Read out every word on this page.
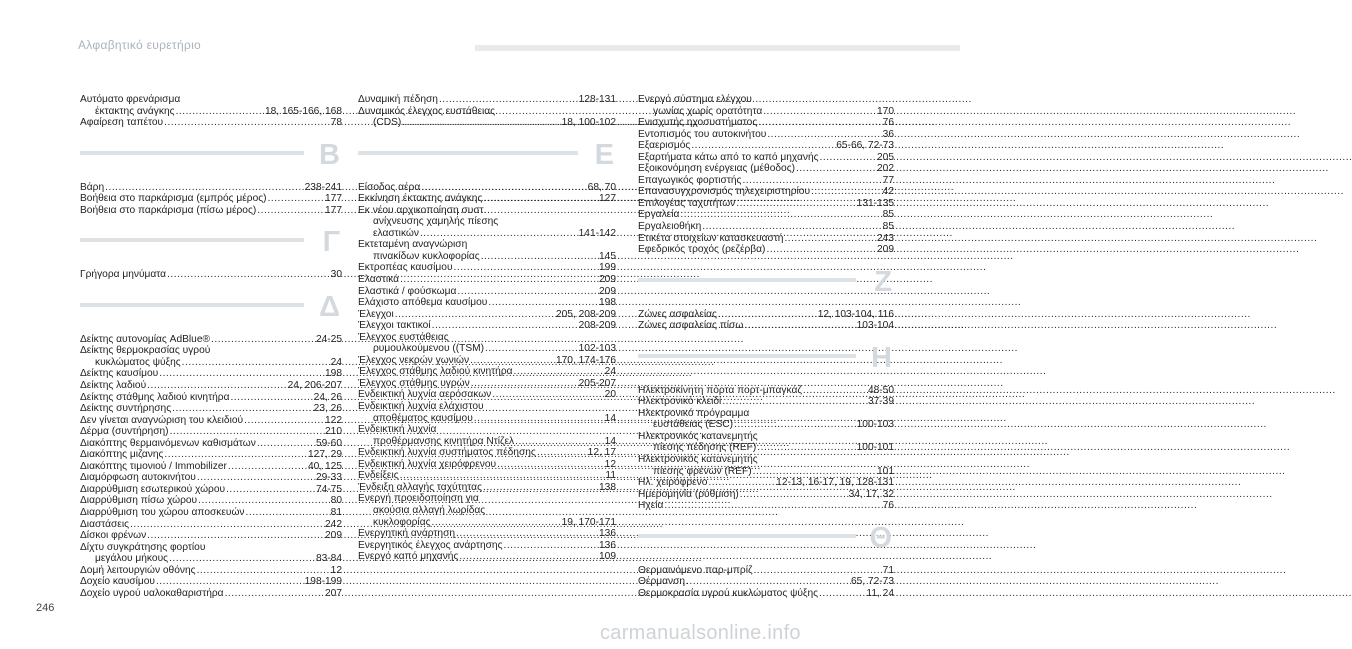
Αλφαβητικό ευρετήριο
Αυτόματο φρενάρισμα
έκτακτης ανάγκης .....	18, 165-166, 168
Αφαίρεση ταπέτου .....	78
Β
Βάρη .....	238-241
Βοήθεια στο παρκάρισμα (εμπρός μέρος) .....	177
Βοήθεια στο παρκάρισμα (πίσω μέρος) .....	177
Γ
Γρήγορα μηνύματα .....	30
Δ
Δείκτης αυτονομίας AdBlue® .....	24-25
Δείκτης θερμοκρασίας υγρού
κυκλώματος ψύξης .....	24
Δείκτης καυσίμου .....	198
Δείκτης λαδιού .....	24, 206-207
Δείκτης στάθμης λαδιού κινητήρα .....	24, 26
Δείκτης συντήρησης .....	23, 26
Δεν γίνεται αναγνώριση του κλειδιού .....	122
Δέρμα (συντήρηση) .....	210
Διακόπτης θερμαινόμενων καθισμάτων .....	59-60
Διακόπτης μιζανης .....	127, 29
Διακόπτης τιμονιού / Immobilizer .....	40, 125
Διαμόρφωση αυτοκινήτου .....	29-33
Διαρρύθμιση εσωτερικού χώρου .....	74-75
Διαρρύθμιση πίσω χώρου .....	80
Διαρρύθμιση του χώρου αποσκευών .....	81
Διαστάσεις .....	242
Δίσκοι φρένων .....	209
Δίχτυ συγκράτησης φορτίου
μεγάλου μήκους .....	83-84
Δομή λειτουργιών οθόνης .....	12
Δοχείο καυσίμου .....	198-199
Δοχείο υγρού υαλοκαθαριστήρα .....	207
Δυναμική πέδηση .....	128-131
Δυναμικός έλεγχος ευστάθειας
(CDS) .....	18, 100-102
Ε
Είσοδος αέρα .....	68, 70
Εκκίνηση έκτακτης ανάγκης .....	127
Εκ νέου αρχικοποίηση συστ.
ανίχνευσης χαμηλής πίεσης
ελαστικών .....	141-142
Εκτεταμένη αναγνώριση
πινακίδων κυκλοφορίας .....	145
Εκτροπέας καυσίμου .....	199
Ελαστικά .....	209
Ελαστικά / φούσκωμα .....	209
Ελάχιστο απόθεμα καυσίμου .....	198
Έλεγχοι .....	205, 208-209
Έλεγχοι τακτικοί .....	208-209
Έλεγχος ευστάθειας
ρυμουλκούμενου ((TSM) .....	102-103
Έλεγχος νεκρών γωνιών .....	170, 174-176
Έλεγχος στάθμης λαδιού κινητήρα .....	24
Έλεγχος στάθμης υγρών .....	205-207
Ενδεικτική λυχνία αερόσακων .....	20
Ενδεικτική λυχνία ελάχιστου
αποθέματος καυσίμου .....	14
Ενδεικτική λυχνία
προθέρμανσης κινητήρα Ντίζελ .....	14
Ενδεικτική λυχνία συστήματος πέδησης .....	12, 17
Ενδεικτική λυχνία χειρόφρενου .....	12
Ενδείξεις .....	11
Ένδειξη αλλαγής ταχύτητας .....	138
Ενεργή προειδοποίηση για
ακούσια αλλαγή λωρίδας
κυκλοφορίας .....	19, 170-171
Ενεργητική ανάρτηση .....	136
Ενεργητικός έλεγχος ανάρτησης .....	136
Ενεργό καπό μηχανής .....	109
Ενεργό σύστημα ελέγχου
γωνίας χωρίς ορατότητα .....	170
Ενισχυτής ηχοσυστήματος .....	76
Εντοπισμός του αυτοκινήτου .....	36
Εξαερισμός .....	65-66, 72-73
Εξαρτήματα κάτω από το καπό μηχανής .....	205
Εξοικονόμηση ενέργειας (μέθοδος) .....	202
Επαγωγικός φορτιστής .....	77
Επανασυγχρονισμός τηλεχειριστηρίου .....	42
Επιλογέας ταχυτήτων .....	131-135
Εργαλεία .....	85
Εργαλειοθήκη .....	85
Ετικέτα στοιχείων κατασκευαστή .....	243
Εφεδρικός τροχός (ρεζέρβα) .....	209
Ζ
Ζώνες ασφαλείας .....	12, 103-104, 116
Ζώνες ασφαλείας πίσω .....	103-104
Η
Ηλεκτροκίνητη πόρτα πορτ-μπαγκάζ .....	48-50
Ηλεκτρονικό κλειδί .....	37-39
Ηλεκτρονικό πρόγραμμα
ευστάθειας (ESC) .....	100-103
Ηλεκτρονικός κατανεμητής
πίεσης πέδησης (REF) .....	100-101
Ηλεκτρονικός κατανεμητής
πίεσης φρένων (REF) .....	101
Ηλ. χειρόφρενο .....	12-13, 16-17, 19, 128-131
Ημερομηνία (ρύθμιση) .....	34, 17, 32
Ηχεία .....	76
Θ
Θερμαινόμενο παρ-μπρίζ .....	71
Θέρμανση .....	65, 72-73
Θερμοκρασία υγρού κυκλώματος ψύξης .....	11, 24
246
carmanualsonline.info
